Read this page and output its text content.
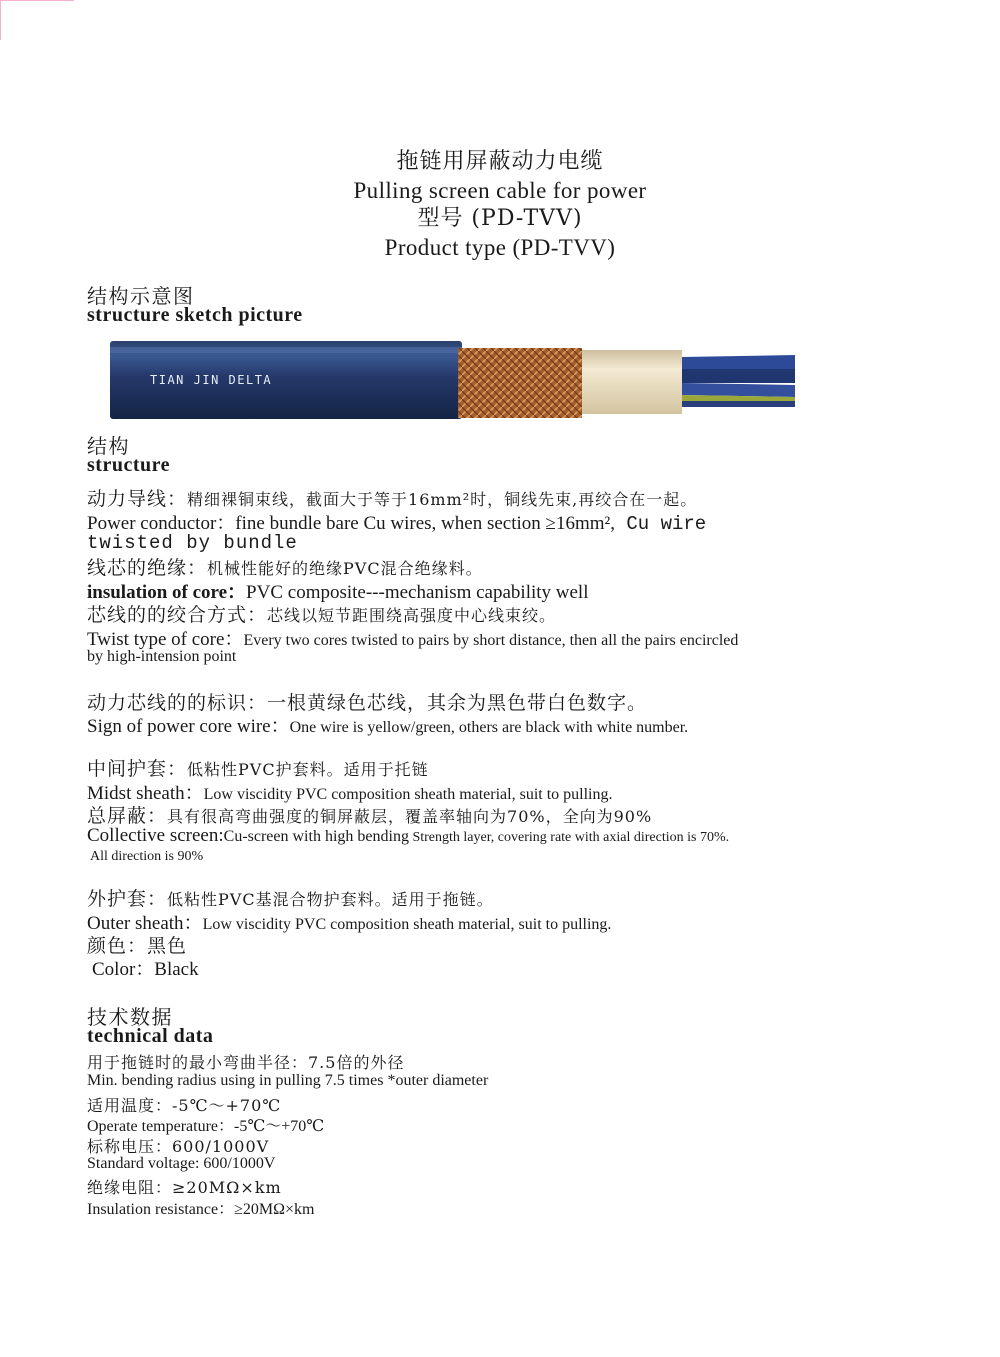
拖链用屏蔽动力电缆
Pulling screen cable for power
型号 (PD-TVV)
Product type (PD-TVV)
结构示意图
structure sketch picture
TIAN JIN DELTA
结构
structure
动力导线：精细裸铜束线，截面大于等于16mm²时，铜线先束,再绞合在一起。
Power conductor：fine bundle bare Cu wires, when section ≥16mm², Cu wire
twisted by bundle
线芯的绝缘：机械性能好的绝缘PVC混合绝缘料。
insulation of core：PVC composite---mechanism capability well
芯线的的绞合方式：芯线以短节距围绕高强度中心线束绞。
Twist type of core：Every two cores twisted to pairs by short distance, then all the pairs encircled
by high-intension point
动力芯线的的标识：一根黄绿色芯线，其余为黑色带白色数字。
Sign of power core wire：One wire is yellow/green, others are black with white number.
中间护套：低粘性PVC护套料。适用于托链
Midst sheath：Low viscidity PVC composition sheath material, suit to pulling.
总屏蔽：具有很高弯曲强度的铜屏蔽层，覆盖率轴向为70%，全向为90%
Collective screen:Cu-screen with high bending Strength layer, covering rate with axial direction is 70%.
All direction is 90%
外护套：低粘性PVC基混合物护套料。适用于拖链。
Outer sheath：Low viscidity PVC composition sheath material, suit to pulling.
颜色：黑色
Color：Black
技术数据
technical data
用于拖链时的最小弯曲半径：7.5倍的外径
Min. bending radius using in pulling 7.5 times *outer diameter
适用温度：-5℃～+70℃
Operate temperature：-5℃～+70℃
标称电压：600/1000V
Standard voltage: 600/1000V
绝缘电阻：≥20MΩ×km
Insulation resistance：≥20MΩ×km
